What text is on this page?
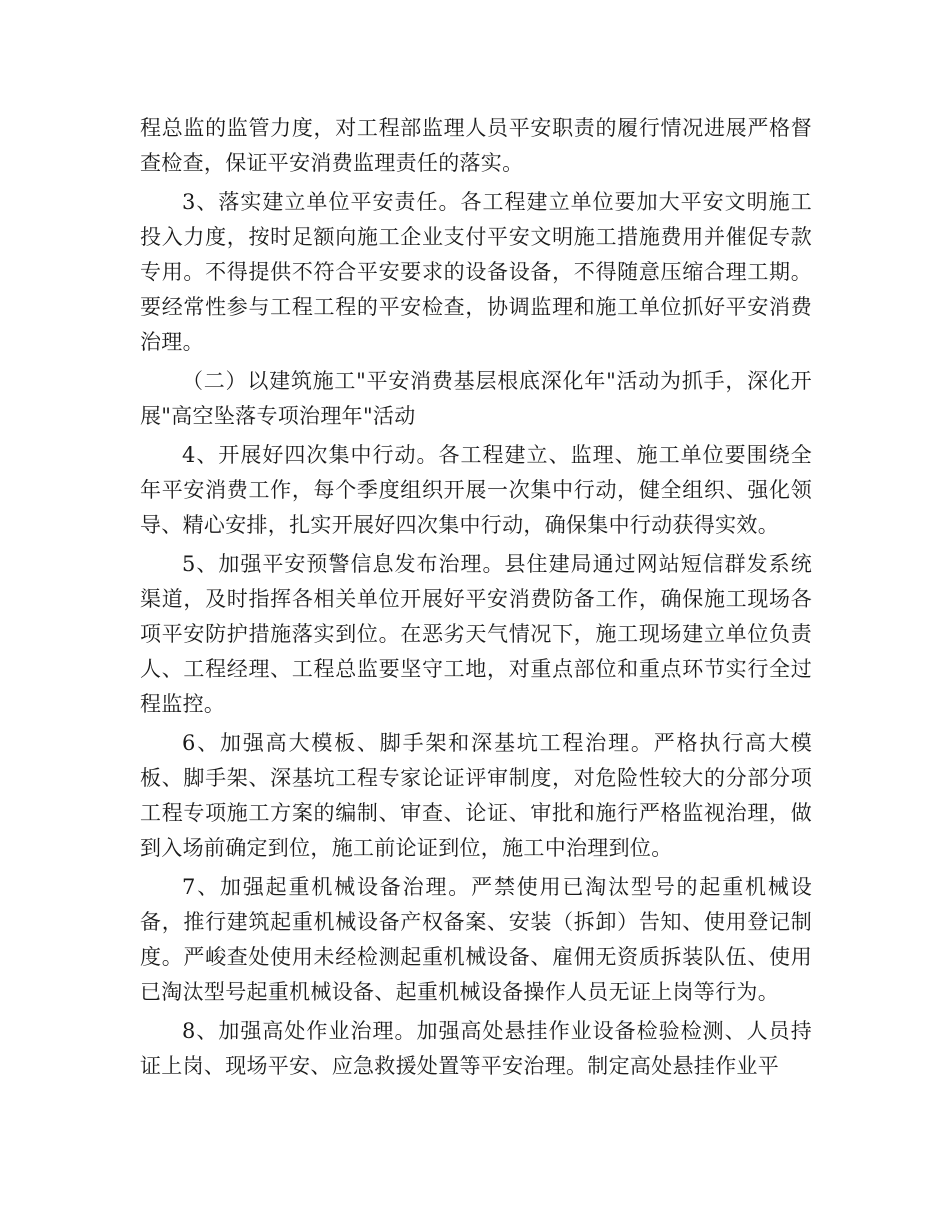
程总监的监管力度，对工程部监理人员平安职责的履行情况进展严格督查检查，保证平安消费监理责任的落实。

3、落实建立单位平安责任。各工程建立单位要加大平安文明施工投入力度，按时足额向施工企业支付平安文明施工措施费用并催促专款专用。不得提供不符合平安要求的设备设备，不得随意压缩合理工期。要经常性参与工程工程的平安检查，协调监理和施工单位抓好平安消费治理。

（二）以建筑施工"平安消费基层根底深化年"活动为抓手，深化开展"高空坠落专项治理年"活动

4、开展好四次集中行动。各工程建立、监理、施工单位要围绕全年平安消费工作，每个季度组织开展一次集中行动，健全组织、强化领导、精心安排，扎实开展好四次集中行动，确保集中行动获得实效。

5、加强平安预警信息发布治理。县住建局通过网站短信群发系统渠道，及时指挥各相关单位开展好平安消费防备工作，确保施工现场各项平安防护措施落实到位。在恶劣天气情况下，施工现场建立单位负责人、工程经理、工程总监要坚守工地，对重点部位和重点环节实行全过程监控。

6、加强高大模板、脚手架和深基坑工程治理。严格执行高大模板、脚手架、深基坑工程专家论证评审制度，对危险性较大的分部分项工程专项施工方案的编制、审查、论证、审批和施行严格监视治理，做到入场前确定到位，施工前论证到位，施工中治理到位。

7、加强起重机械设备治理。严禁使用已淘汰型号的起重机械设备，推行建筑起重机械设备产权备案、安装（拆卸）告知、使用登记制度。严峻查处使用未经检测起重机械设备、雇佣无资质拆装队伍、使用已淘汰型号起重机械设备、起重机械设备操作人员无证上岗等行为。

8、加强高处作业治理。加强高处悬挂作业设备检验检测、人员持证上岗、现场平安、应急救援处置等平安治理。制定高处悬挂作业平
